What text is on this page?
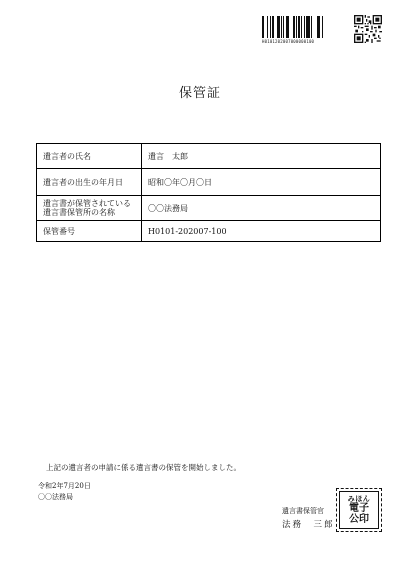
H0101202007000000100
保管証
遺言者の氏名	遺言　太郎
遺言者の出生の年月日	昭和〇年〇月〇日

遺言書が保管されている
遺言書保管所の名称	〇〇法務局
保管番号	H0101-202007-100
上記の遺言者の申請に係る遺言書の保管を開始しました。
令和2年7月20日
〇〇法務局
遺言書保管官
法務　三郎
みほん
電子
公印
